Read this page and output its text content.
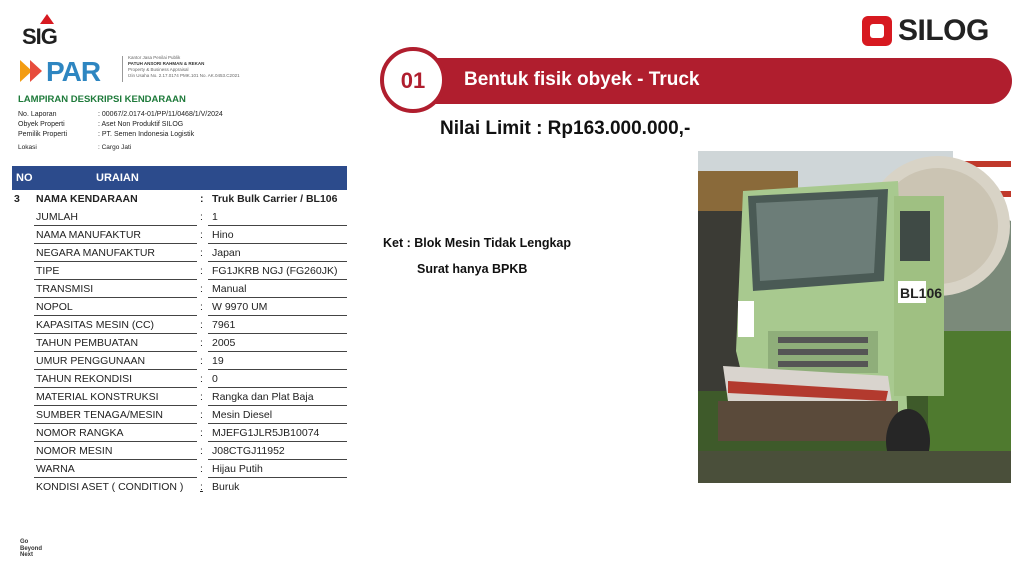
SIG	SILOG
PAR	Kantor Jasa Penilai Publik
PATUH ANSORI RAHMAN & REKAN
Property & Business Appraisal
Izin Usaha No. 2.17.0174 PMK.101 No. AK.0453.C2021
LAMPIRAN DESKRIPSI KENDARAAN
No. Laporan	: 00067/2.0174-01/PP/11/0468/1/V/2024
Obyek Properti	: Aset Non Produktif SILOG
Pemilik Properti	: PT. Semen Indonesia Logistik
Lokasi	: Cargo Jati
NO	URAIAN
3 NAMA KENDARAAN	: Truk Bulk Carrier / BL106
JUMLAH	: 1
NAMA MANUFAKTUR	: Hino
NEGARA MANUFAKTUR	: Japan
TIPE	: FG1JKRB NGJ (FG260JK)
TRANSMISI	: Manual
NOPOL	: W 9970 UM
KAPASITAS MESIN (CC)	: 7961
TAHUN PEMBUATAN	: 2005
UMUR PENGGUNAAN	: 19
TAHUN REKONDISI	: 0
MATERIAL KONSTRUKSI	: Rangka dan Plat Baja
SUMBER TENAGA/MESIN	: Mesin Diesel
NOMOR RANGKA	: MJEFG1JLR5JB10074
NOMOR MESIN	: J08CTGJ11952
WARNA	: Hijau Putih
KONDISI ASET ( CONDITION ) : Buruk
01	Bentuk fisik obyek - Truck
Nilai Limit : Rp163.000.000,-
Ket : Blok Mesin Tidak Lengkap
Surat hanya BPKB
BL106
Go
Beyond
Next
